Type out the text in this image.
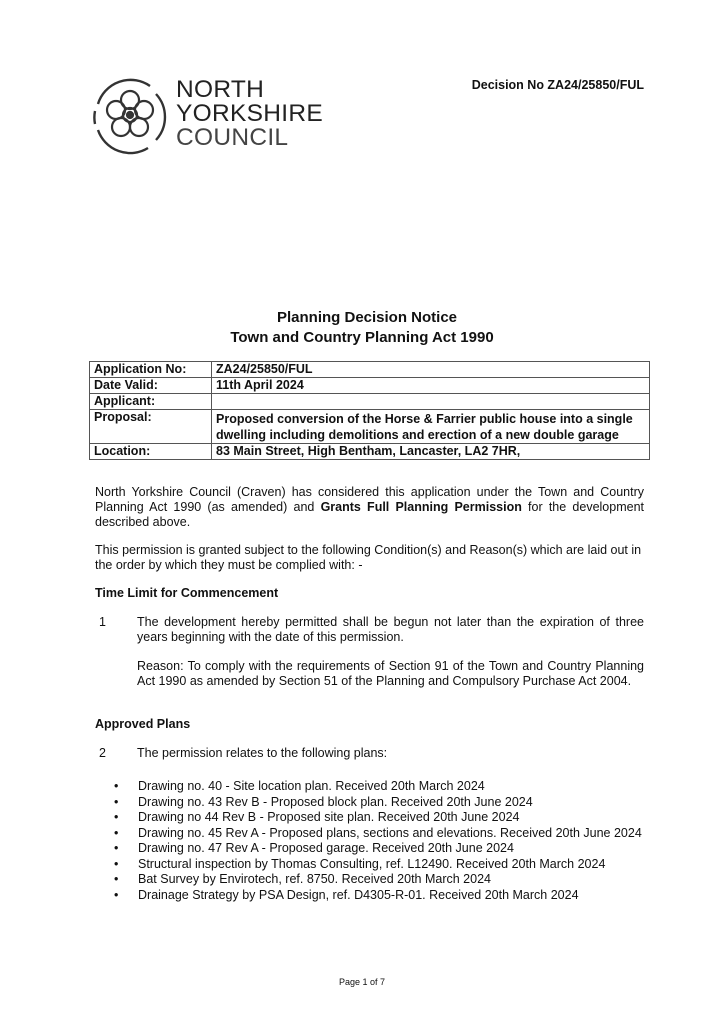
NORTH
YORKSHIRE
COUNCIL
Decision No ZA24/25850/FUL
Planning Decision Notice
Town and Country Planning Act 1990
Application No:	ZA24/25850/FUL
Date Valid:	11th April 2024
Applicant:	
Proposal:	Proposed conversion of the Horse & Farrier public house into a single dwelling including demolitions and erection of a new double garage
Location:	83 Main Street, High Bentham, Lancaster, LA2 7HR,

North Yorkshire Council (Craven) has considered this application under the Town and Country Planning Act 1990 (as amended) and Grants Full Planning Permission for the development described above.

This permission is granted subject to the following Condition(s) and Reason(s) which are laid out in the order by which they must be complied with: -

Time Limit for Commencement
1 The development hereby permitted shall be begun not later than the expiration of three years beginning with the date of this permission.
Reason: To comply with the requirements of Section 91 of the Town and Country Planning Act 1990 as amended by Section 51 of the Planning and Compulsory Purchase Act 2004.
Approved Plans
2 The permission relates to the following plans:
• Drawing no. 40 - Site location plan. Received 20th March 2024
• Drawing no. 43 Rev B - Proposed block plan. Received 20th June 2024
• Drawing no 44 Rev B - Proposed site plan. Received 20th June 2024
• Drawing no. 45 Rev A - Proposed plans, sections and elevations. Received 20th June 2024
• Drawing no. 47 Rev A - Proposed garage. Received 20th June 2024
• Structural inspection by Thomas Consulting, ref. L12490. Received 20th March 2024
• Bat Survey by Envirotech, ref. 8750. Received 20th March 2024
• Drainage Strategy by PSA Design, ref. D4305-R-01. Received 20th March 2024
Page 1 of 7
